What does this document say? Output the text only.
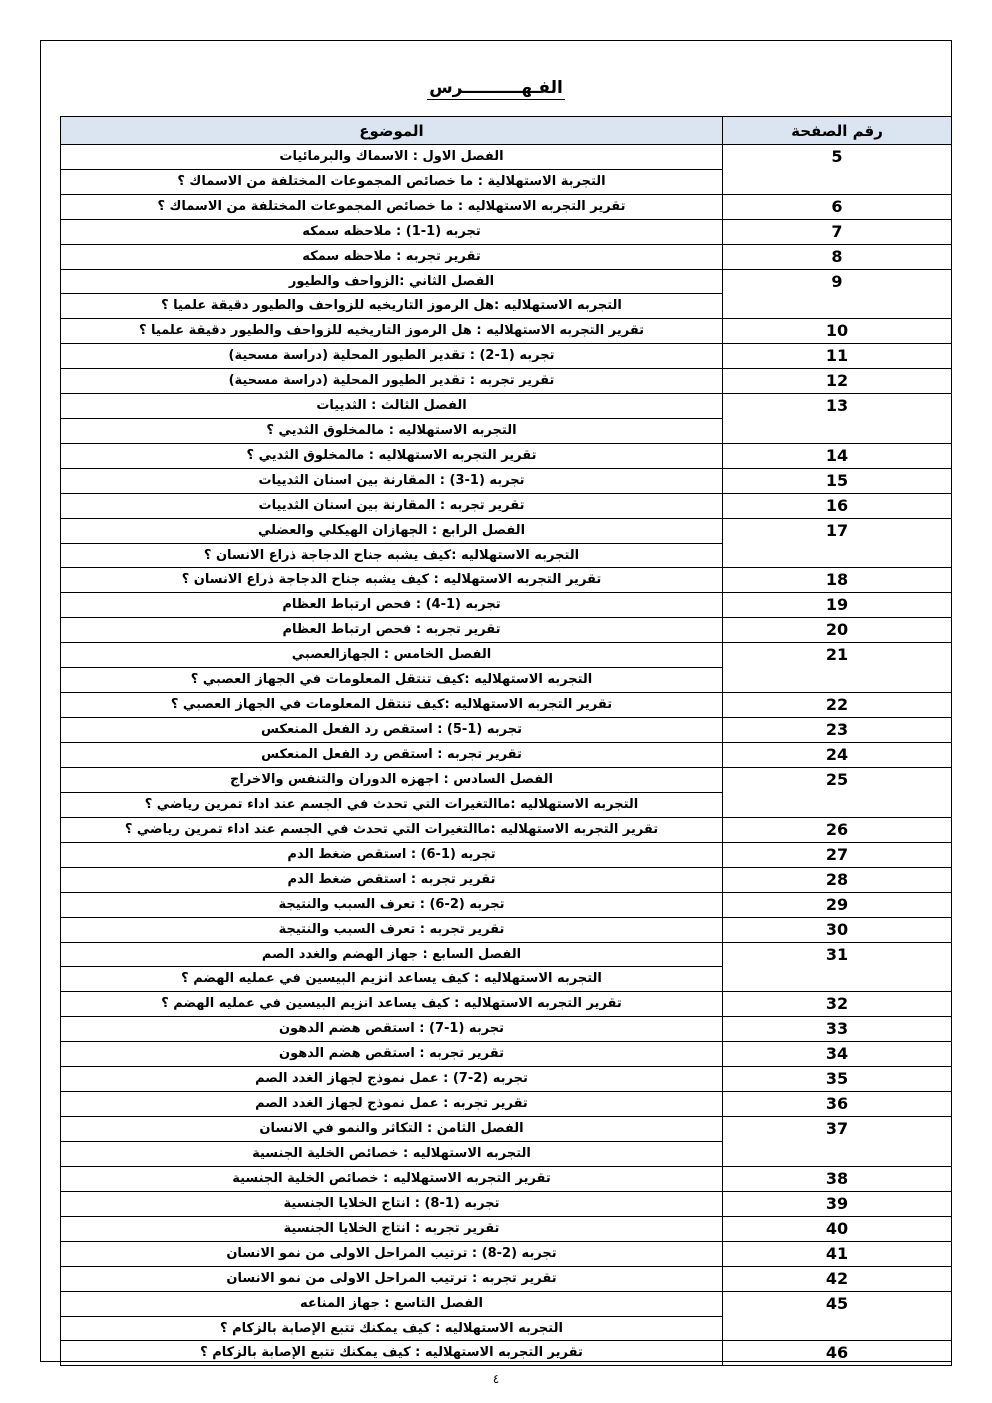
الفـهــــــــــرس
الموضوع	رقم الصفحة

الفصل الاول : الاسماك والبرمائيات
التجربة الاستهلالية : ما خصائص المجموعات المختلفة من الاسماك ؟	5

تقرير التجربه الاستهلاليه : ما خصائص المجموعات المختلفة من الاسماك ؟	6

تجربه (1-1) : ملاحظه سمكه	7

تقرير تجربه : ملاحظه سمكه	8

الفصل الثاني :الزواحف والطيور
التجربه الاستهلاليه :هل الرموز التاريخيه للزواحف والطيور دقيقة علميا ؟	9

تقرير التجربه الاستهلاليه : هل الرموز التاريخيه للزواحف والطيور دقيقة علميا ؟	10

تجربه (1-2) : تقدير الطيور المحلية (دراسة مسحية)	11

تقرير تجربه : تقدير الطيور المحلية (دراسة مسحية)	12

الفصل الثالث : الثدييات
التجربه الاستهلاليه : مالمخلوق الثديي ؟	13

تقرير التجربه الاستهلاليه : مالمخلوق الثديي ؟	14

تجربه (1-3) : المقارنة بين اسنان الثدييات	15

تقرير تجربه : المقارنة بين اسنان الثدييات	16

الفصل الرابع : الجهازان الهيكلي والعضلي
التجربه الاستهلاليه :كيف يشبه جناح الدجاجة ذراع الانسان ؟	17

تقرير التجربه الاستهلاليه : كيف يشبه جناح الدجاجة ذراع الانسان ؟	18

تجربه (1-4) : فحص ارتباط العظام	19

تقرير تجربه : فحص ارتباط العظام	20

الفصل الخامس : الجهازالعصبي
التجربه الاستهلاليه :كيف تنتقل المعلومات في الجهاز العصبي ؟	21

تقرير التجربه الاستهلاليه :كيف تنتقل المعلومات في الجهاز العصبي ؟	22

تجربه (1-5) : استقص رد الفعل المنعكس	23

تقرير تجربه : استقص رد الفعل المنعكس	24

الفصل السادس : اجهزه الدوران والتنفس والاخراج
التجربه الاستهلاليه :ماالتغيرات التي تحدث في الجسم عند اداء تمرين رياضي ؟	25

تقرير التجربه الاستهلاليه :ماالتغيرات التي تحدث في الجسم عند اداء تمرين رياضي ؟	26

تجربه (1-6) : استقص ضغط الدم	27

تقرير تجربه : استقص ضغط الدم	28

تجربه (2-6) : تعرف السبب والنتيجة	29

تقرير تجربه : تعرف السبب والنتيجة	30

الفصل السابع : جهاز الهضم والغدد الصم
التجربه الاستهلاليه : كيف يساعد انزيم البيسين في عمليه الهضم ؟	31

تقرير التجربه الاستهلاليه : كيف يساعد انزيم البيسين في عمليه الهضم ؟	32

تجربه (1-7) : استقص هضم الدهون	33

تقرير تجربه : استقص هضم الدهون	34

تجربه (2-7) : عمل نموذج لجهاز الغدد الصم	35

تقرير تجربه : عمل نموذج لجهاز الغدد الصم	36

الفصل الثامن : التكاثر والنمو في الانسان
التجربه الاستهلاليه : خصائص الخلية الجنسية	37

تقرير التجربه الاستهلاليه : خصائص الخلية الجنسية	38

تجربه (1-8) : انتاج الخلايا الجنسية	39

تقرير تجربه : انتاج الخلايا الجنسية	40

تجربه (2-8) : ترتيب المراحل الاولى من نمو الانسان	41

تقرير تجربه : ترتيب المراحل الاولى من نمو الانسان	42

الفصل التاسع : جهاز المناعه
التجربه الاستهلاليه : كيف يمكنك تتبع الإصابة بالزكام ؟	45

تقرير التجربه الاستهلاليه : كيف يمكنك تتبع الإصابة بالزكام ؟	46
٤
